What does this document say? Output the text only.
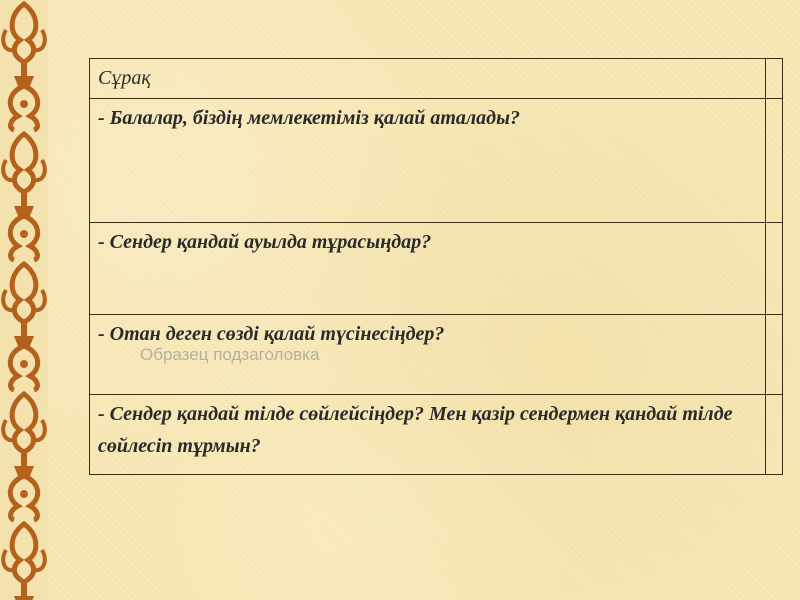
Сұрақ	
- Балалар, біздің мемлекетіміз қалай аталады?	
- Сендер қандай ауылда тұрасыңдар?	
- Отан деген сөзді қалай түсінесіңдер?	
- Сендер қандай тілде сөйлейсіңдер? Мен қазір сендермен қандай тілде сөйлесіп тұрмын?	
Образец подзаголовка
